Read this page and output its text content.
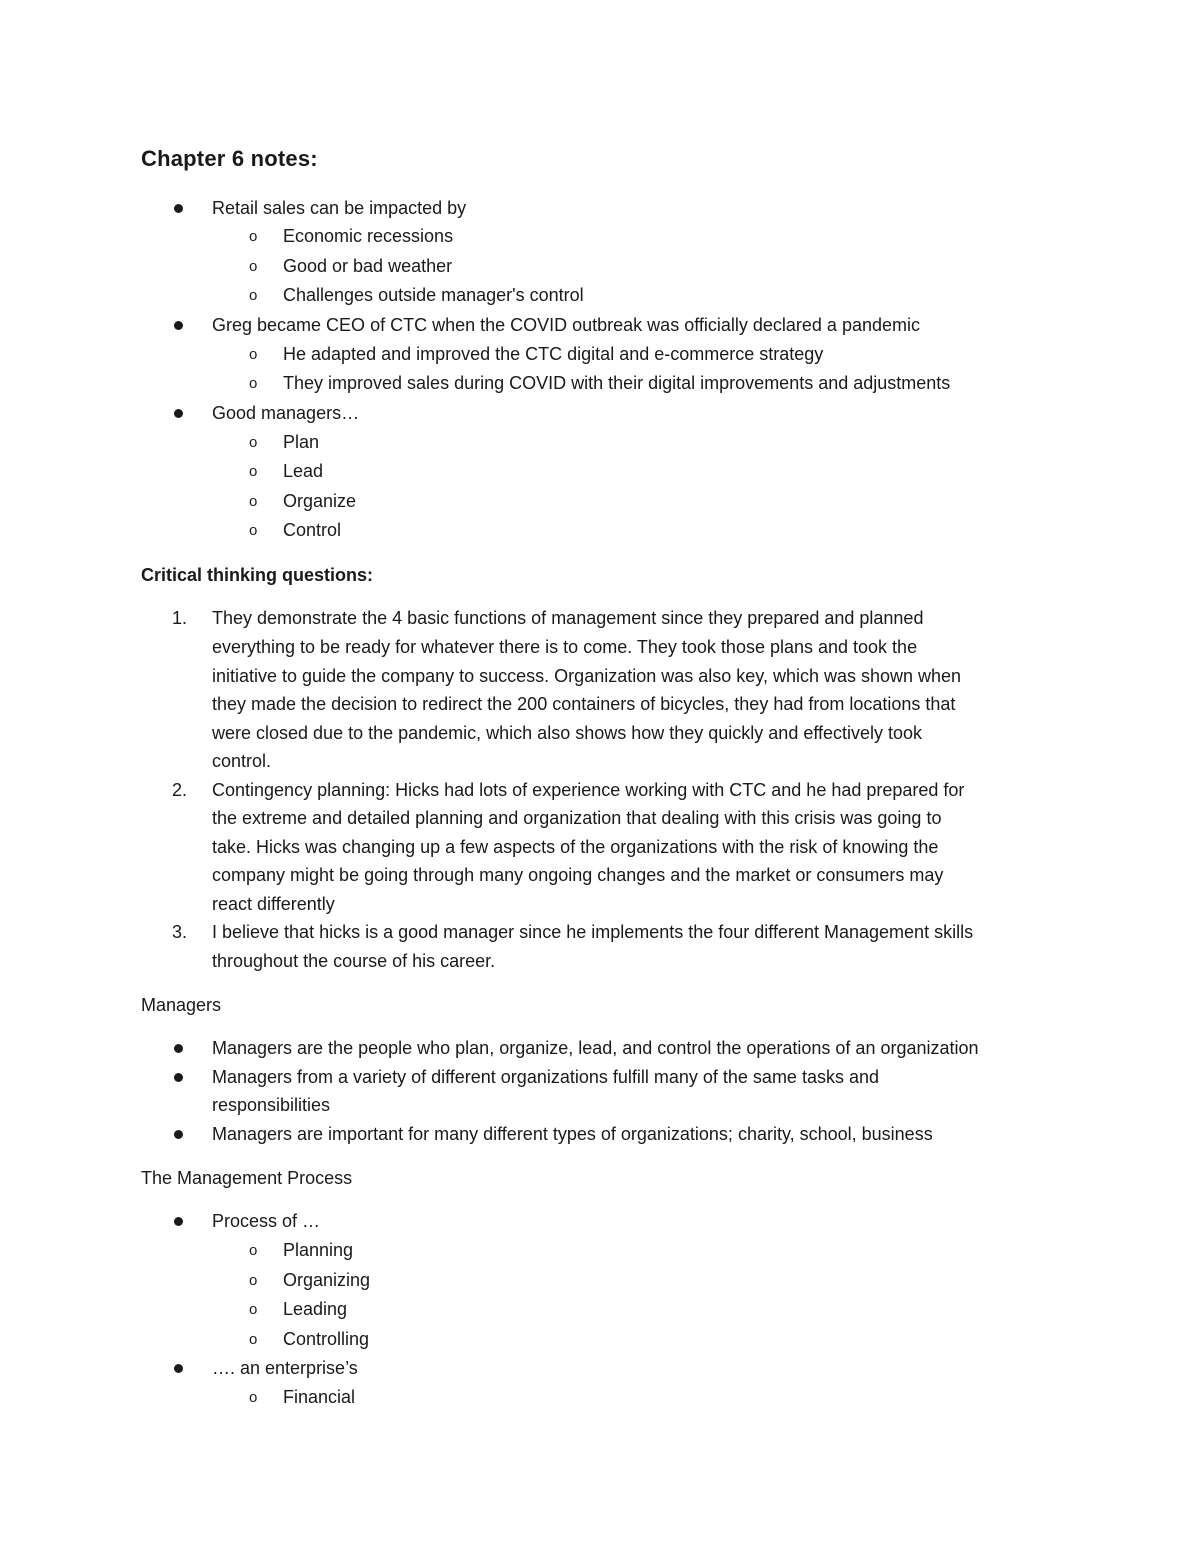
Chapter 6 notes:
Retail sales can be impacted by
o Economic recessions
o Good or bad weather
o Challenges outside manager's control
Greg became CEO of CTC when the COVID outbreak was officially declared a pandemic
o He adapted and improved the CTC digital and e-commerce strategy
o They improved sales during COVID with their digital improvements and adjustments
Good managers…
o Plan
o Lead
o Organize
o Control
Critical thinking questions:
1. They demonstrate the 4 basic functions of management since they prepared and planned
everything to be ready for whatever there is to come. They took those plans and took the
initiative to guide the company to success. Organization was also key, which was shown when
they made the decision to redirect the 200 containers of bicycles, they had from locations that
were closed due to the pandemic, which also shows how they quickly and effectively took
control.
2. Contingency planning: Hicks had lots of experience working with CTC and he had prepared for
the extreme and detailed planning and organization that dealing with this crisis was going to
take. Hicks was changing up a few aspects of the organizations with the risk of knowing the
company might be going through many ongoing changes and the market or consumers may
react differently
3. I believe that hicks is a good manager since he implements the four different Management skills
throughout the course of his career.
Managers
Managers are the people who plan, organize, lead, and control the operations of an organization
Managers from a variety of different organizations fulfill many of the same tasks and
responsibilities
Managers are important for many different types of organizations; charity, school, business
The Management Process
Process of …
o Planning
o Organizing
o Leading
o Controlling
…. an enterprise’s
o Financial
